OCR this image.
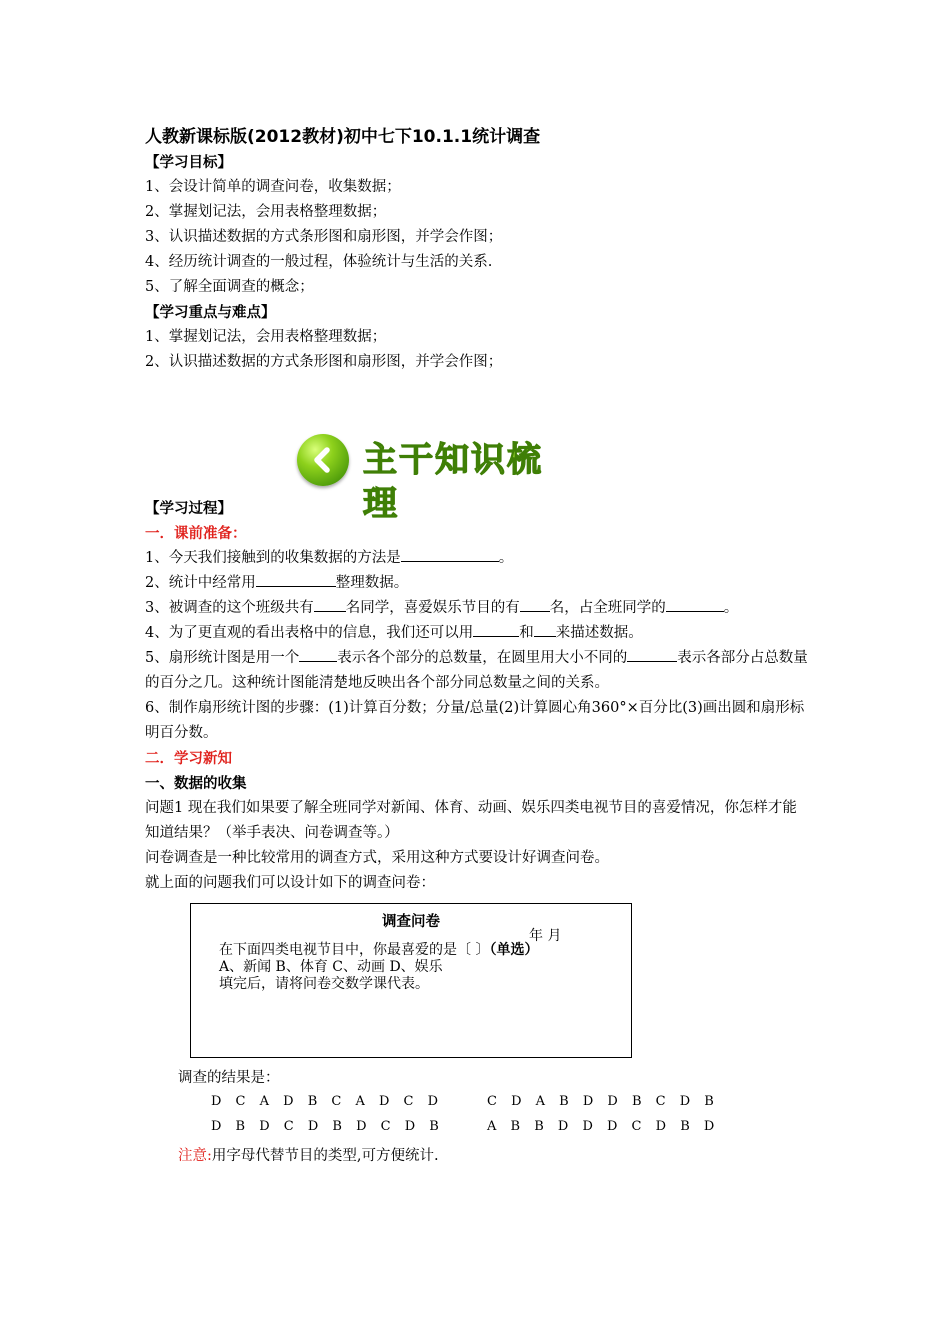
人教新课标版(2012教材)初中七下10.1.1统计调查
【学习目标】
1、会设计简单的调查问卷，收集数据；
2、掌握划记法，会用表格整理数据；
3、认识描述数据的方式条形图和扇形图，并学会作图；
4、经历统计调查的一般过程，体验统计与生活的关系.
5、了解全面调查的概念；
【学习重点与难点】
1、掌握划记法，会用表格整理数据；
2、认识描述数据的方式条形图和扇形图，并学会作图；
主干知识梳理
【学习过程】
一．课前准备：
1、今天我们接触到的收集数据的方法是	。
2、统计中经常用	整理数据。
3、被调查的这个班级共有 名同学，喜爱娱乐节目的有 名，占全班同学的	。
4、为了更直观的看出表格中的信息，我们还可以用	和 来描述数据。
5、扇形统计图是用一个	表示各个部分的总数量，在圆里用大小不同的	表示各部分占总数量的百分之几。这种统计图能清楚地反映出各个部分同总数量之间的关系。
6、制作扇形统计图的步骤：(1)计算百分数；分量/总量(2)计算圆心角360°×百分比(3)画出圆和扇形标明百分数。
二．学习新知
一、数据的收集
问题1 现在我们如果要了解全班同学对新闻、体育、动画、娱乐四类电视节目的喜爱情况，你怎样才能知道结果？（举手表决、问卷调查等。）
问卷调查是一种比较常用的调查方式，采用这种方式要设计好调查问卷。
就上面的问题我们可以设计如下的调查问卷：
调查问卷
年 月
在下面四类电视节目中，你最喜爱的是〔 〕（单选）
A、新闻 B、体育 C、动画 D、娱乐
填完后，请将问卷交数学课代表。
调查的结果是：
D C A D B C A D C D	C D A B D D B C D B
D B D C D B D C D B	A B B D D D C D B D
注意:用字母代替节目的类型,可方便统计.
